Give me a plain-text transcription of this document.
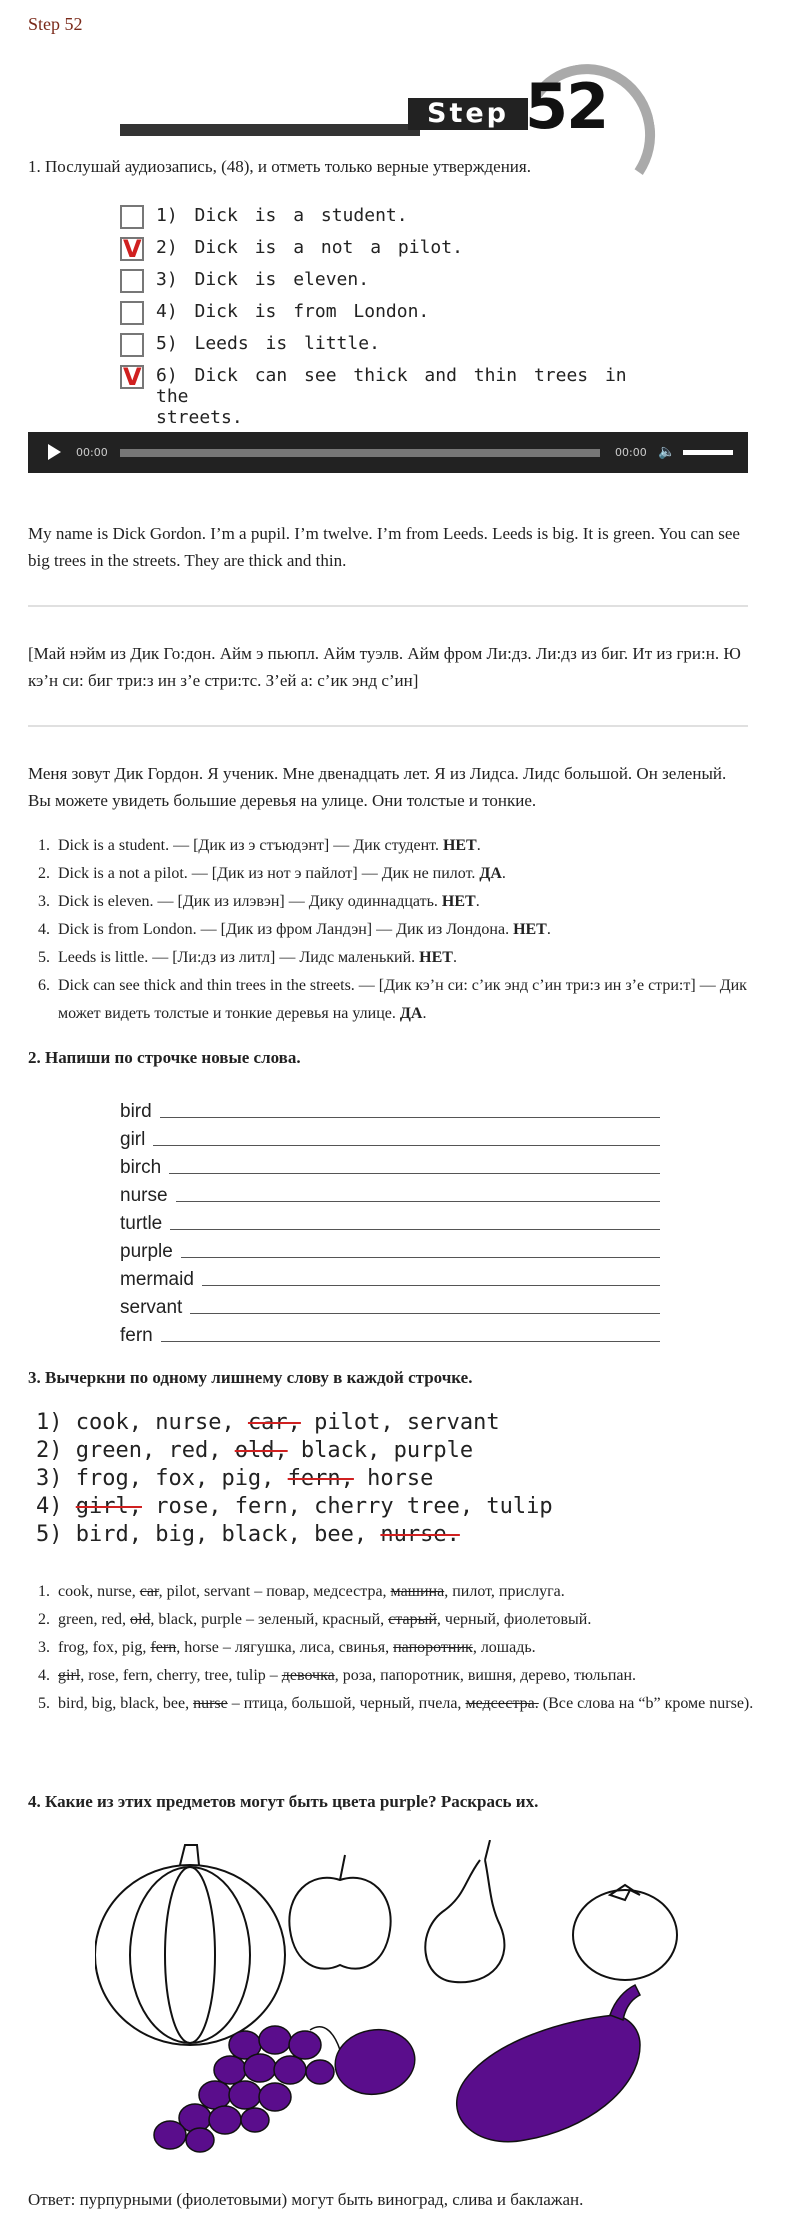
Step 52
Step 52
1. Послушай аудиозапись, (48), и отметь только верные утверждения.
1) Dick is a student.
V 2) Dick is a not a pilot.
3) Dick is eleven.
4) Dick is from London.
5) Leeds is little.
V 6) Dick can see thick and thin trees in the
streets.
00:00	00:00 🔈
My name is Dick Gordon. I’m a pupil. I’m twelve. I’m from Leeds. Leeds is big. It is green. You can see big trees in the streets. They are thick and thin.
[Май нэйм из Дик Го:дон. Айм э пьюпл. Айм туэлв. Айм фром Ли:дз. Ли:дз из биг. Ит из гри:н. Ю кэ’н си: биг три:з ин з’е стри:тс. З’ей а: с’ик энд с’ин]
Меня зовут Дик Гордон. Я ученик. Мне двенадцать лет. Я из Лидса. Лидс большой. Он зеленый. Вы можете увидеть большие деревья на улице. Они толстые и тонкие.
1. Dick is a student. — [Дик из э стъюдэнт] — Дик студент. НЕТ.
2. Dick is a not a pilot. — [Дик из нот э пайлот] — Дик не пилот. ДА.
3. Dick is eleven. — [Дик из илэвэн] — Дику одиннадцать. НЕТ.
4. Dick is from London. — [Дик из фром Ландэн] — Дик из Лондона. НЕТ.
5. Leeds is little. — [Ли:дз из литл] — Лидс маленький. НЕТ.
6. Dick can see thick and thin trees in the streets. — [Дик кэ’н си: с’ик энд с’ин три:з ин з’е стри:т] — Дик может видеть толстые и тонкие деревья на улице. ДА.
2. Напиши по строчке новые слова.
bird
girl
birch
nurse
turtle
purple
mermaid
servant
fern
3. Вычеркни по одному лишнему слову в каждой строчке.
1) cook, nurse, car, pilot, servant
2) green, red, old, black, purple
3) frog, fox, pig, fern, horse
4) girl, rose, fern, cherry tree, tulip
5) bird, big, black, bee, nurse.
1. cook, nurse, car, pilot, servant – повар, медсестра, машина, пилот, прислуга.
2. green, red, old, black, purple – зеленый, красный, старый, черный, фиолетовый.
3. frog, fox, pig, fern, horse – лягушка, лиса, свинья, папоротник, лошадь.
4. girl, rose, fern, cherry, tree, tulip – девочка, роза, папоротник, вишня, дерево, тюльпан.
5. bird, big, black, bee, nurse – птица, большой, черный, пчела, медсестра. (Все слова на “b” кроме nurse).
4. Какие из этих предметов могут быть цвета purple? Раскрась их.
Ответ: пурпурными (фиолетовыми) могут быть виноград, слива и баклажан.
